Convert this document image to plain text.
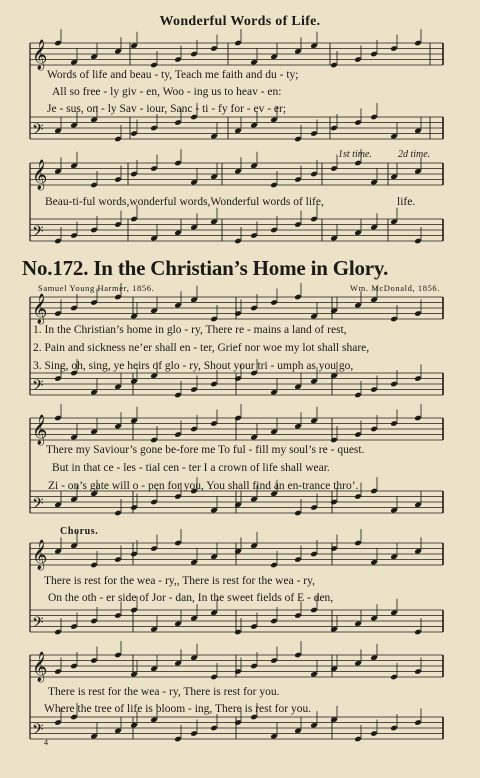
𝄞
𝄢
𝄞
𝄢
𝄞
𝄢
𝄞
𝄢
𝄞
𝄢
𝄞
𝄢
Wonderful Words of Life.
Words of life and beau - ty, Teach me faith and du - ty;
All so free - ly giv - en, Woo - ing us to heav - en:
Je - sus, on - ly Sav - iour, Sanc - ti - fy for - ev - er;
1st time.	2d time.
Beau-ti-ful words,wonderful words,Wonderful words of life,	life.
No.172. In the Christian’s Home in Glory.
Samuel Young Harmer, 1856.	Wm. McDonald, 1856.
1. In the Christian’s home in glo - ry, There re - mains a land of rest,
2. Pain and sickness ne’er shall en - ter, Grief nor woe my lot shall share,
3. Sing, oh, sing, ye heirs of glo - ry, Shout your tri - umph as you go,
There my Saviour’s gone be-fore me To ful - fill my soul’s re - quest.
But in that ce - les - tial cen - ter I a crown of life shall wear.
Zi - on’s gate will o - pen for you, You shall find an en-trance thro’.
Chorus.
There is rest for the wea - ry,, There is rest for the wea - ry,
On the oth - er side of Jor - dan, In the sweet fields of E - den,
There is rest for the wea - ry, There is rest for you.
Where the tree of life is bloom - ing, There is rest for you.
4
